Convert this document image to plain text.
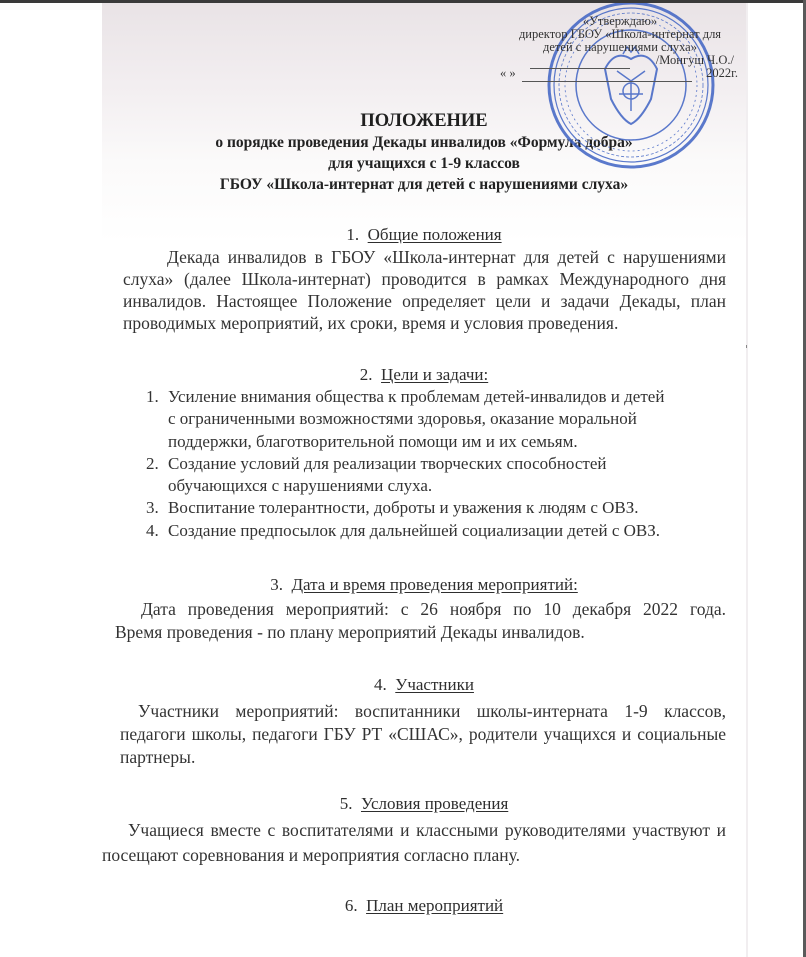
«Утверждаю»
директор ГБОУ «Школа-интернат для
детей с нарушениями слуха»
/Монгуш Ч.О./
« »	2022г.
ПОЛОЖЕНИЕ
о порядке проведения Декады инвалидов «Формула добра»
для учащихся с 1-9 классов
ГБОУ «Школа-интернат для детей с нарушениями слуха»
1. Общие положения
Декада инвалидов в ГБОУ «Школа-интернат для детей с нарушениями слуха» (далее Школа-интернат) проводится в рамках Международного дня инвалидов. Настоящее Положение определяет цели и задачи Декады, план проводимых мероприятий, их сроки, время и условия проведения.
2. Цели и задачи:
1. Усиление внимания общества к проблемам детей-инвалидов и детей
с ограниченными возможностями здоровья, оказание моральной
поддержки, благотворительной помощи им и их семьям.
2. Создание условий для реализации творческих способностей
обучающихся с нарушениями слуха.
3. Воспитание толерантности, доброты и уважения к людям с ОВЗ.
4. Создание предпосылок для дальнейшей социализации детей с ОВЗ.
3. Дата и время проведения мероприятий:
Дата проведения мероприятий: с 26 ноября по 10 декабря 2022 года.
Время проведения - по плану мероприятий Декады инвалидов.
4. Участники
Участники мероприятий: воспитанники школы-интерната 1-9 классов, педагоги школы, педагоги ГБУ РТ «СШАС», родители учащихся и социальные партнеры.
5. Условия проведения
Учащиеся вместе с воспитателями и классными руководителями участвуют и посещают соревнования и мероприятия согласно плану.
6. План мероприятий
